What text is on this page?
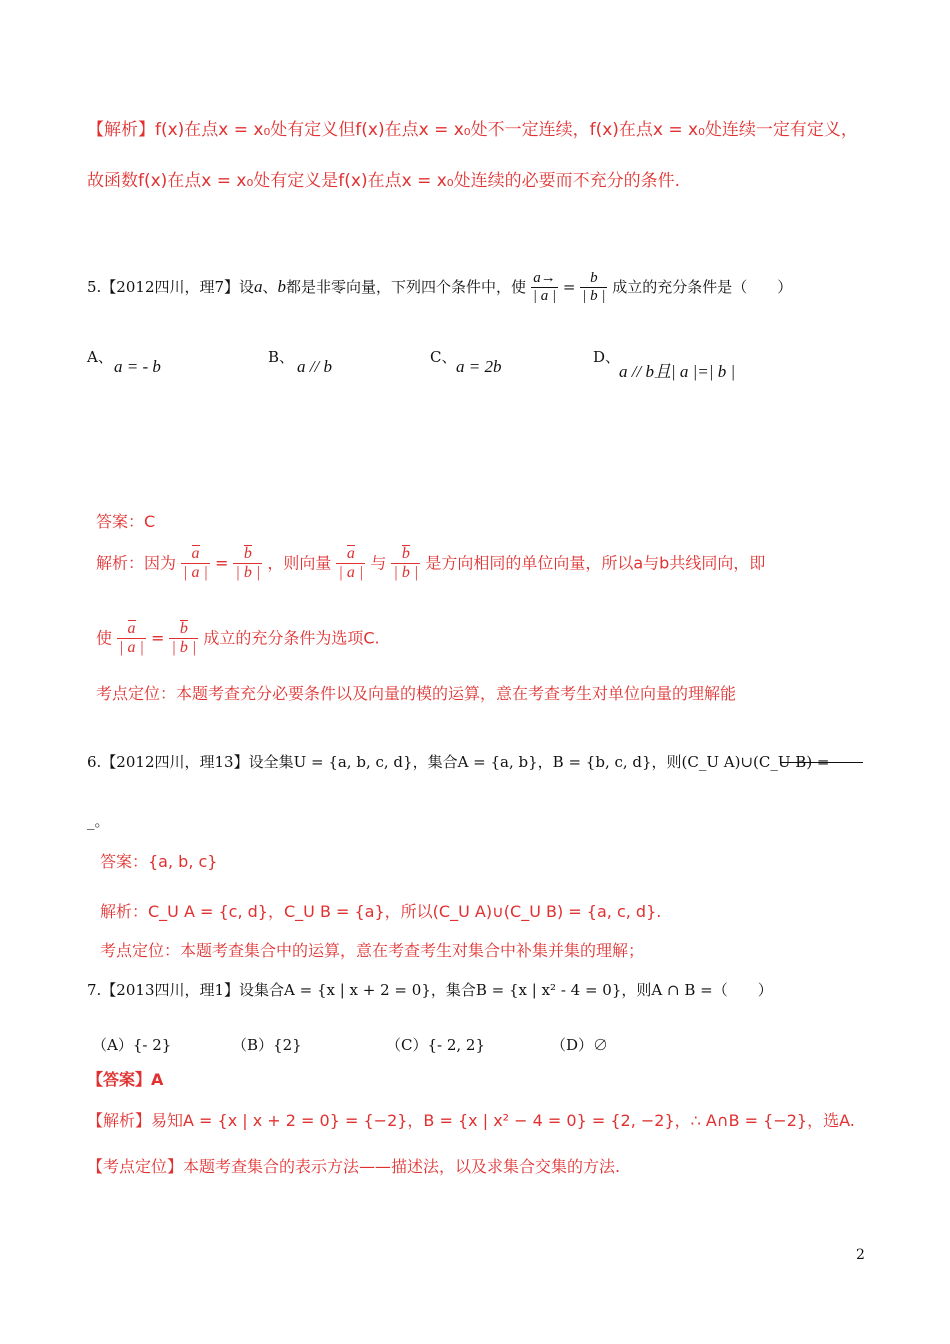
【解析】f(x)在点x = x₀处有定义但f(x)在点x = x₀处不一定连续，f(x)在点x = x₀处连续一定有定义，
故函数f(x)在点x = x₀处有定义是f(x)在点x = x₀处连续的必要而不充分的条件.
5.【2012四川，理7】设a、b都是非零向量，下列四个条件中，使 $\frac{a\to}{| a |} = \frac{b}{| b |}$ 成立的充分条件是（　　）
A、 a = - b	B、 a // b	C、 a = 2b	D、
a // b且| a |=| b |
答案：C
解析：因为 $\frac{a}{| a |} = \frac{b}{| b |}$ ，则向量 $\frac{a}{| a |}$ 与 $\frac{b}{| b |}$ 是方向相同的单位向量，所以a与b共线同向，即
使 $\frac{a}{| a |} = \frac{b}{| b |}$ 成立的充分条件为选项C.
考点定位：本题考查充分必要条件以及向量的模的运算，意在考查考生对单位向量的理解能
6.【2012四川，理13】设全集U = {a, b, c, d}，集合A = {a, b}，B = {b, c, d}，则(C_U A)∪(C_U B) =
_。
答案：{a, b, c}
解析：C_U A = {c, d}，C_U B = {a}，所以(C_U A)∪(C_U B) = {a, c, d}.
考点定位：本题考查集合中的运算，意在考查考生对集合中补集并集的理解；
7.【2013四川，理1】设集合A = {x | x + 2 = 0}，集合B = {x | x² - 4 = 0}，则A ∩ B =（　　）
（A）{- 2}	（B）{2}	（C）{- 2, 2}	（D）∅
【答案】A
【解析】易知A = {x | x + 2 = 0} = {−2}，B = {x | x² − 4 = 0} = {2, −2}，∴ A∩B = {−2}，选A.
【考点定位】本题考查集合的表示方法——描述法，以及求集合交集的方法.
2
